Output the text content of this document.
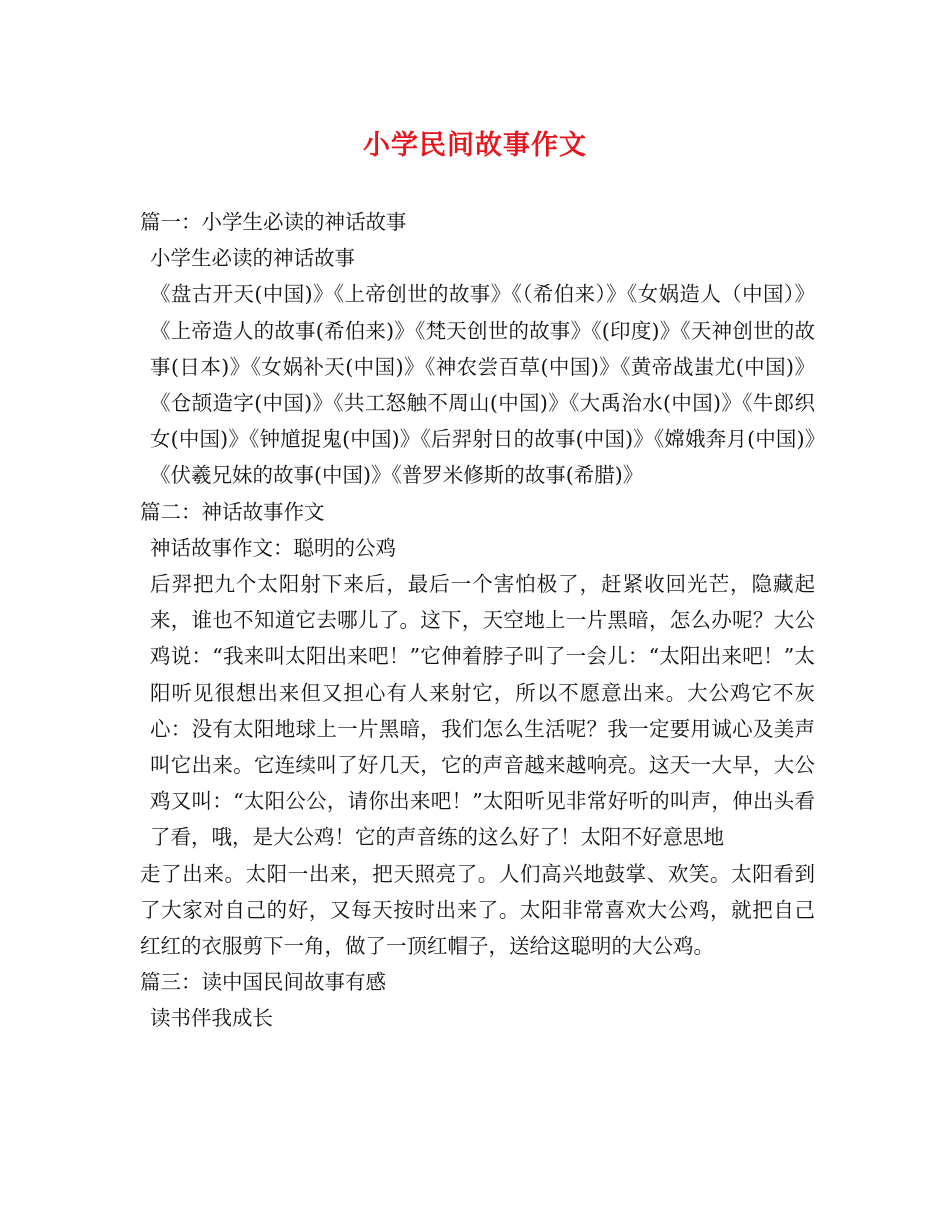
小学民间故事作文

篇一：小学生必读的神话故事

小学生必读的神话故事

《盘古开天(中国)》《上帝创世的故事》《（希伯来）》《女娲造人（中国）》《上帝造人的故事(希伯来)》《梵天创世的故事》《(印度)》《天神创世的故事(日本)》《女娲补天(中国)》《神农尝百草(中国)》《黄帝战蚩尤(中国)》《仓颉造字(中国)》《共工怒触不周山(中国)》《大禹治水(中国)》《牛郎织女(中国)》《钟馗捉鬼(中国)》《后羿射日的故事(中国)》《嫦娥奔月(中国)》《伏羲兄妹的故事(中国)》《普罗米修斯的故事(希腊)》

篇二：神话故事作文

神话故事作文：聪明的公鸡

后羿把九个太阳射下来后，最后一个害怕极了，赶紧收回光芒，隐藏起来，谁也不知道它去哪儿了。这下，天空地上一片黑暗，怎么办呢？大公鸡说：“我来叫太阳出来吧！”它伸着脖子叫了一会儿：“太阳出来吧！”太阳听见很想出来但又担心有人来射它，所以不愿意出来。大公鸡它不灰心：没有太阳地球上一片黑暗，我们怎么生活呢？我一定要用诚心及美声叫它出来。它连续叫了好几天，它的声音越来越响亮。这天一大早，大公鸡又叫：“太阳公公，请你出来吧！”太阳听见非常好听的叫声，伸出头看了看，哦，是大公鸡！它的声音练的这么好了！太阳不好意思地

走了出来。太阳一出来，把天照亮了。人们高兴地鼓掌、欢笑。太阳看到了大家对自己的好，又每天按时出来了。太阳非常喜欢大公鸡，就把自己红红的衣服剪下一角，做了一顶红帽子，送给这聪明的大公鸡。

篇三：读中国民间故事有感

读书伴我成长
